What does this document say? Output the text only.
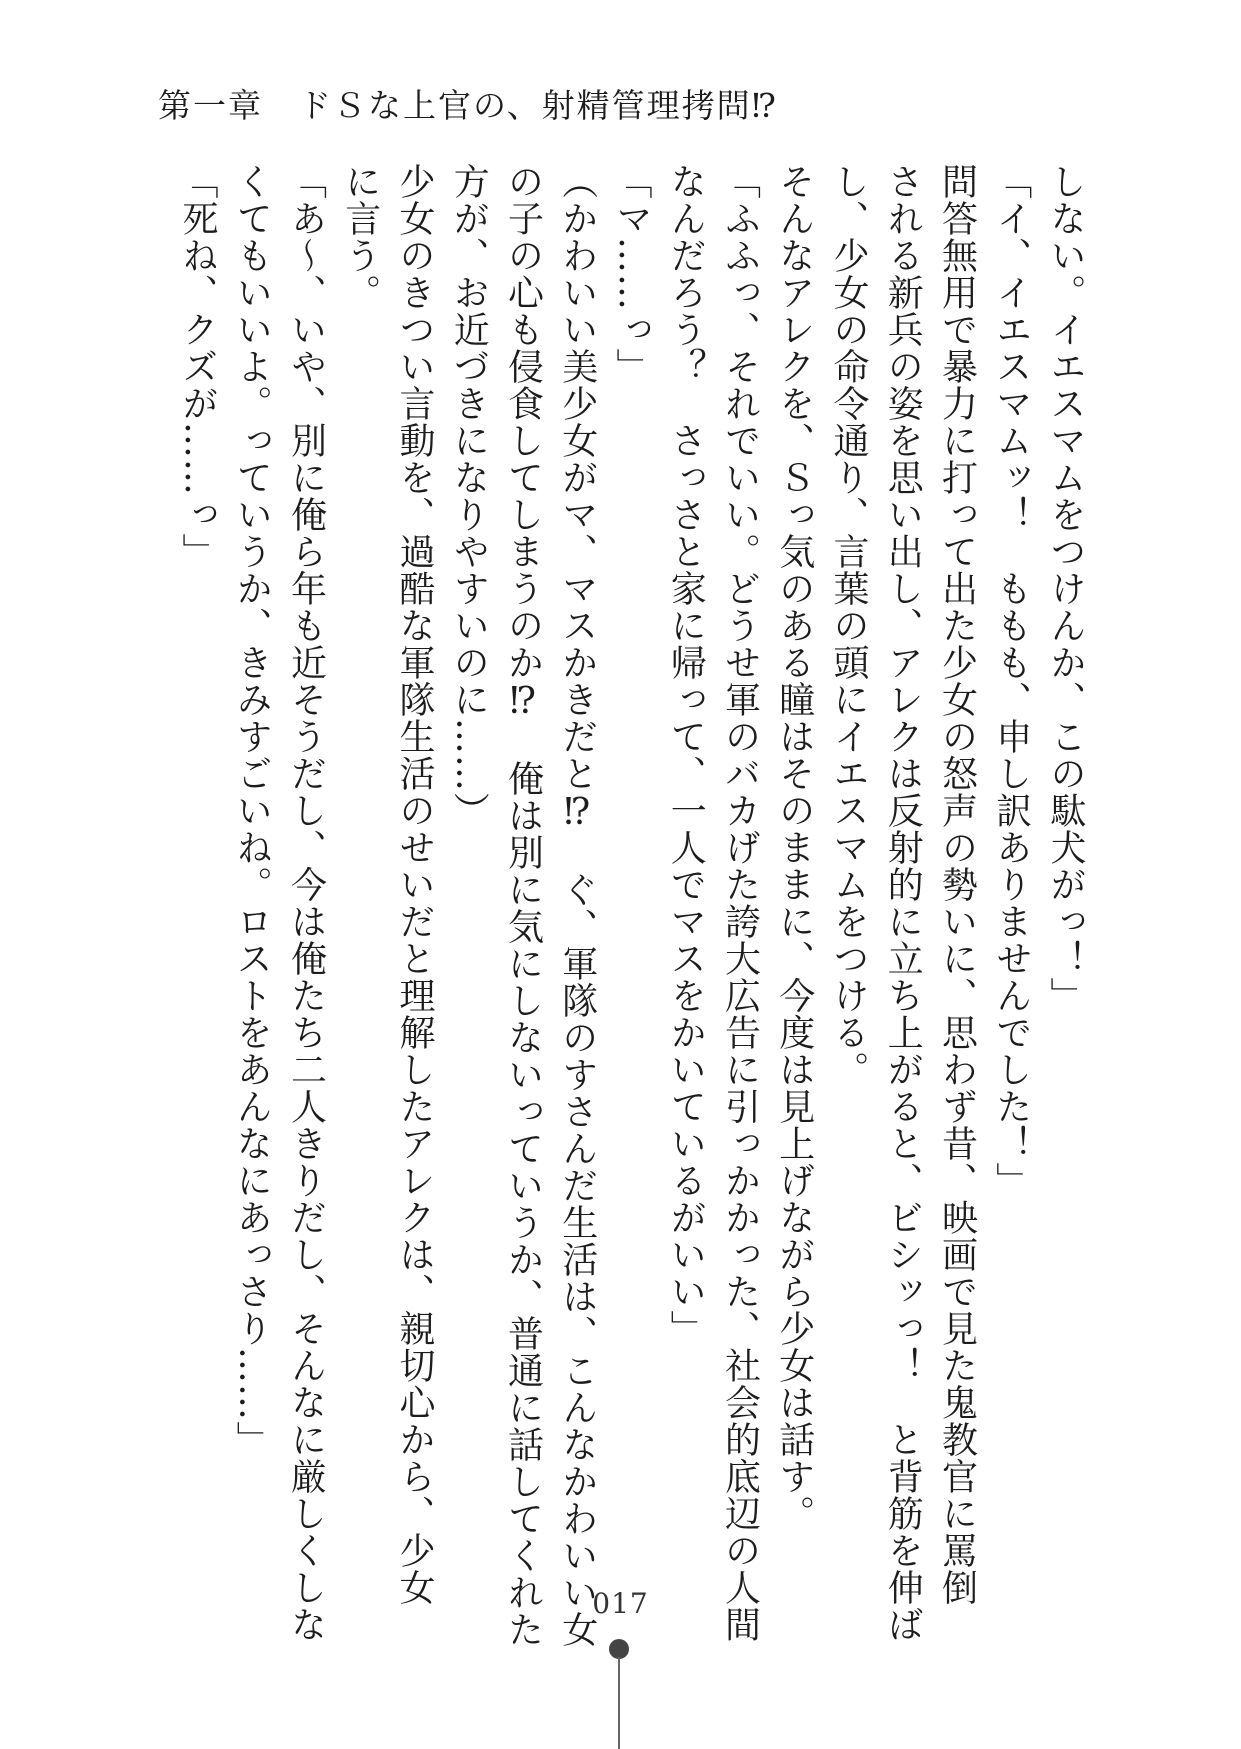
第一章　ドＳな上官の、射精管理拷問⁉
しない。イエスマムをつけんか、この駄犬がっ！」
「イ、イエスマムッ！　ももも、申し訳ありませんでした！」
問答無用で暴力に打って出た少女の怒声の勢いに、思わず昔、映画で見た鬼教官に罵倒
される新兵の姿を思い出し、アレクは反射的に立ち上がると、ビシッっ！　と背筋を伸ば
し、少女の命令通り、言葉の頭にイエスマムをつける。
そんなアレクを、Ｓっ気のある瞳はそのままに、今度は見上げながら少女は話す。
「ふふっ、それでいい。どうせ軍のバカげた誇大広告に引っかかった、社会的底辺の人間
なんだろう？　さっさと家に帰って、一人でマスをかいているがいい」
「マ……っ」
（かわいい美少女がマ、マスかきだと⁉　ぐ、軍隊のすさんだ生活は、こんなかわいい女
の子の心も侵食してしまうのか⁉　俺は別に気にしないっていうか、普通に話してくれた
方が、お近づきになりやすいのに……）
少女のきつい言動を、過酷な軍隊生活のせいだと理解したアレクは、親切心から、少女
に言う。
「あ〜、いや、別に俺ら年も近そうだし、今は俺たち二人きりだし、そんなに厳しくしな
くてもいいよ。っていうか、きみすごいね。ロストをあんなにあっさり……」
「死ね、クズが……っ」
017
